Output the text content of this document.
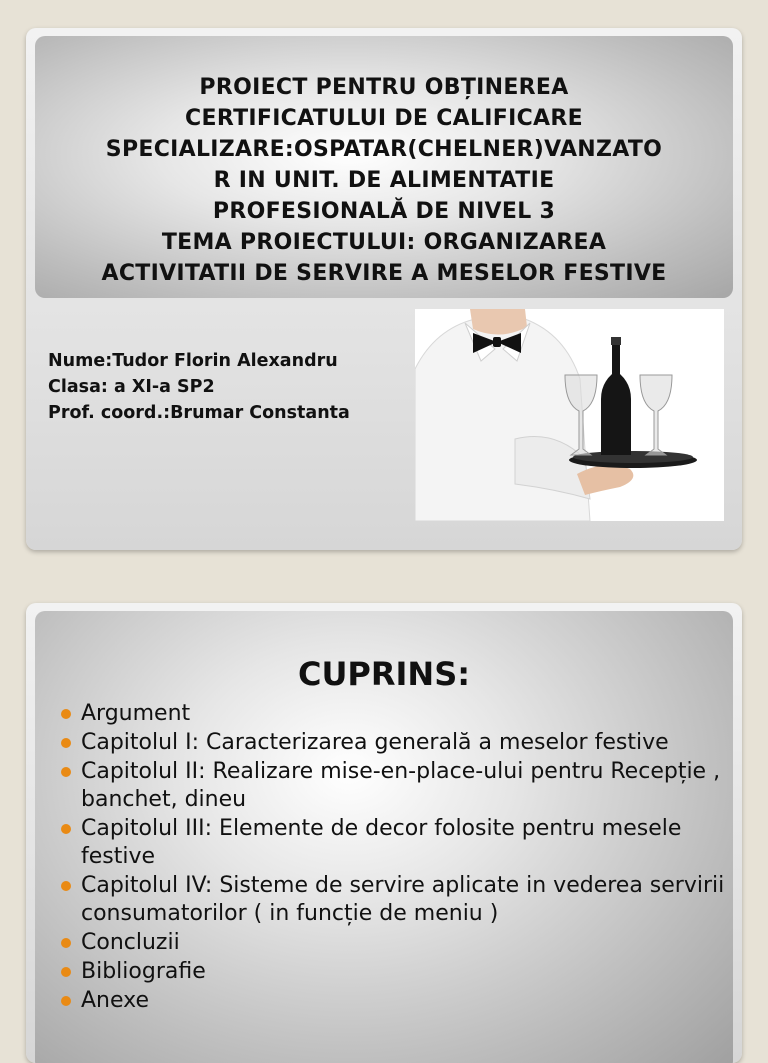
PROIECT PENTRU OBȚINEREA
CERTIFICATULUI DE CALIFICARE
SPECIALIZARE:OSPATAR(CHELNER)VANZATO
R IN UNIT. DE ALIMENTATIE
PROFESIONALĂ DE NIVEL 3
TEMA PROIECTULUI: ORGANIZAREA
ACTIVITATII DE SERVIRE A MESELOR FESTIVE
Nume:Tudor Florin Alexandru
Clasa: a XI-a SP2
Prof. coord.:Brumar Constanta
CUPRINS:
Argument
Capitolul I: Caracterizarea generală a meselor festive
Capitolul II: Realizare mise-en-place-ului pentru Recepție , banchet, dineu
Capitolul III: Elemente de decor folosite pentru mesele festive
Capitolul IV: Sisteme de servire aplicate in vederea servirii consumatorilor ( in funcție de meniu )
Concluzii
Bibliografie
Anexe
